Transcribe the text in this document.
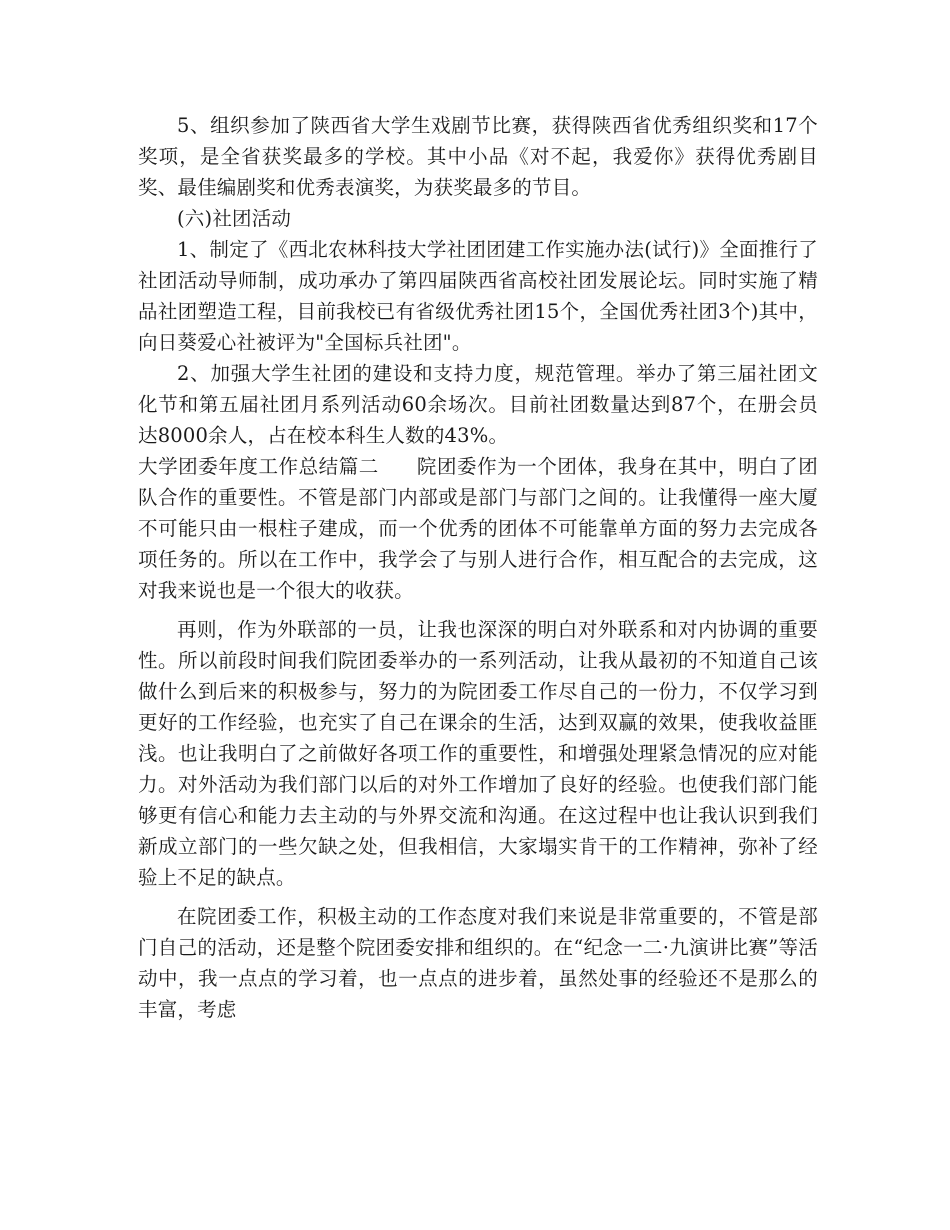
5、组织参加了陕西省大学生戏剧节比赛，获得陕西省优秀组织奖和17个奖项，是全省获奖最多的学校。其中小品《对不起，我爱你》获得优秀剧目奖、最佳编剧奖和优秀表演奖，为获奖最多的节目。

(六)社团活动

1、制定了《西北农林科技大学社团团建工作实施办法(试行)》全面推行了社团活动导师制，成功承办了第四届陕西省高校社团发展论坛。同时实施了精品社团塑造工程，目前我校已有省级优秀社团15个，全国优秀社团3个)其中，向日葵爱心社被评为"全国标兵社团"。

2、加强大学生社团的建设和支持力度，规范管理。举办了第三届社团文化节和第五届社团月系列活动60余场次。目前社团数量达到87个，在册会员达8000余人，占在校本科生人数的43%。

大学团委年度工作总结篇二 院团委作为一个团体，我身在其中，明白了团队合作的重要性。不管是部门内部或是部门与部门之间的。让我懂得一座大厦不可能只由一根柱子建成，而一个优秀的团体不可能靠单方面的努力去完成各项任务的。所以在工作中，我学会了与别人进行合作，相互配合的去完成，这对我来说也是一个很大的收获。

再则，作为外联部的一员，让我也深深的明白对外联系和对内协调的重要性。所以前段时间我们院团委举办的一系列活动，让我从最初的不知道自己该做什么到后来的积极参与，努力的为院团委工作尽自己的一份力，不仅学习到更好的工作经验，也充实了自己在课余的生活，达到双赢的效果，使我收益匪浅。也让我明白了之前做好各项工作的重要性，和增强处理紧急情况的应对能力。对外活动为我们部门以后的对外工作增加了良好的经验。也使我们部门能够更有信心和能力去主动的与外界交流和沟通。在这过程中也让我认识到我们新成立部门的一些欠缺之处，但我相信，大家塌实肯干的工作精神，弥补了经验上不足的缺点。

在院团委工作，积极主动的工作态度对我们来说是非常重要的，不管是部门自己的活动，还是整个院团委安排和组织的。在“纪念一二·九演讲比赛”等活动中，我一点点的学习着，也一点点的进步着，虽然处事的经验还不是那么的丰富，考虑
